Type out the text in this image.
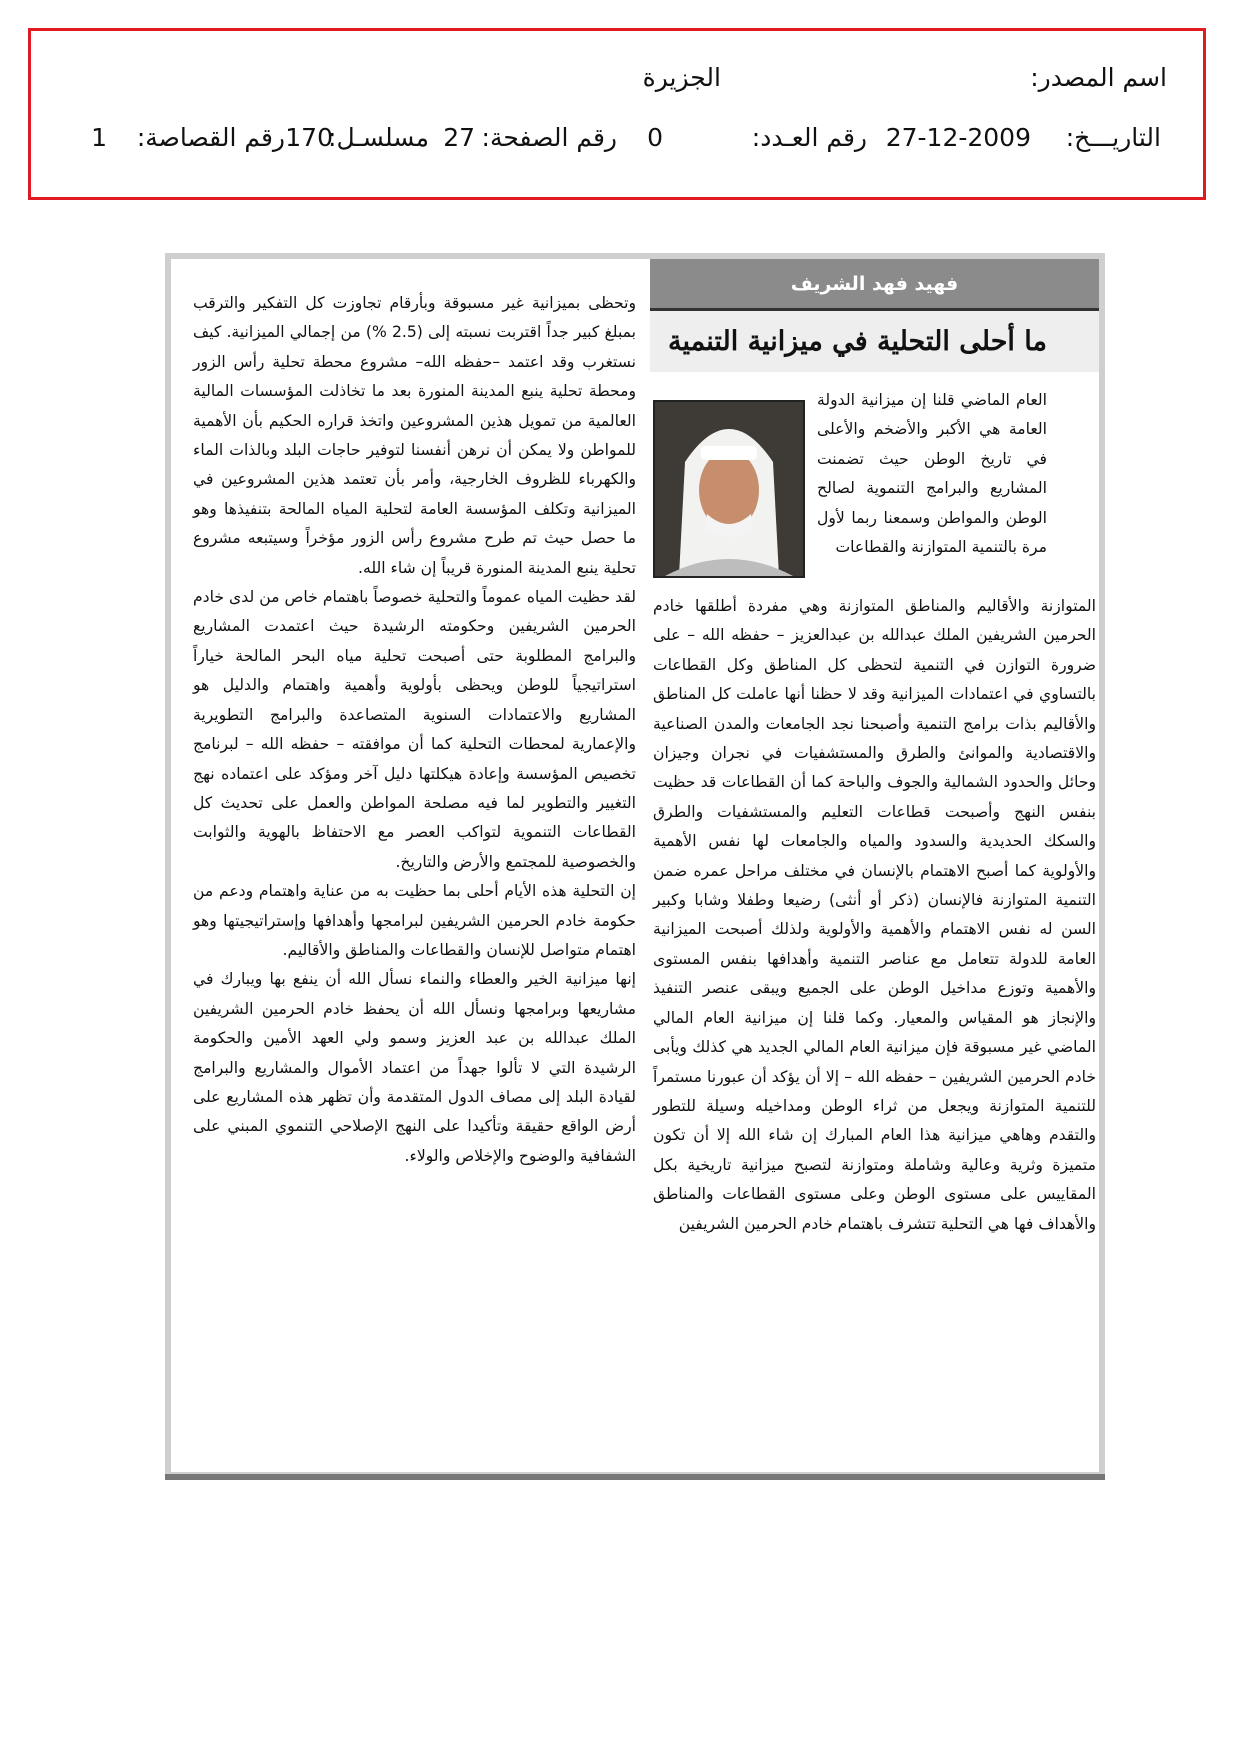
اسم المصدر:
الجزيرة
التاريـــخ:
27-12-2009
رقم العـدد:
0
رقم الصفحة:
27
مسلسـل:
170
رقم القصاصة:
1
فهيد فهد الشريف
ما أحلى التحلية في ميزانية التنمية

العام الماضي قلنا إن ميزانية الدولة العامة هي الأكبر والأضخم والأعلى في تاريخ الوطن حيث تضمنت المشاريع والبرامج التنموية لصالح الوطن والمواطن وسمعنا ربما لأول مرة بالتنمية المتوازنة والقطاعات

المتوازنة والأقاليم والمناطق المتوازنة وهي مفردة أطلقها خادم الحرمين الشريفين الملك عبدالله بن عبدالعزيز – حفظه الله – على ضرورة التوازن في التنمية لتحظى كل المناطق وكل القطاعات بالتساوي في اعتمادات الميزانية وقد لا حظنا أنها عاملت كل المناطق والأقاليم بذات برامج التنمية وأصبحنا نجد الجامعات والمدن الصناعية والاقتصادية والموانئ والطرق والمستشفيات في نجران وجيزان وحائل والحدود الشمالية والجوف والباحة كما أن القطاعات قد حظيت بنفس النهج وأصبحت قطاعات التعليم والمستشفيات والطرق والسكك الحديدية والسدود والمياه والجامعات لها نفس الأهمية والأولوية كما أصبح الاهتمام بالإنسان في مختلف مراحل عمره ضمن التنمية المتوازنة فالإنسان (ذكر أو أنثى) رضيعا وطفلا وشابا وكبير السن له نفس الاهتمام والأهمية والأولوية ولذلك أصبحت الميزانية العامة للدولة تتعامل مع عناصر التنمية وأهدافها بنفس المستوى والأهمية وتوزع مداخيل الوطن على الجميع ويبقى عنصر التنفيذ والإنجاز هو المقياس والمعيار. وكما قلنا إن ميزانية العام المالي الماضي غير مسبوقة فإن ميزانية العام المالي الجديد هي كذلك ويأبى خادم الحرمين الشريفين – حفظه الله – إلا أن يؤكد أن عبورنا مستمراً للتنمية المتوازنة ويجعل من ثراء الوطن ومداخيله وسيلة للتطور والتقدم وهاهي ميزانية هذا العام المبارك إن شاء الله إلا أن تكون متميزة وثرية وعالية وشاملة ومتوازنة لتصبح ميزانية تاريخية بكل المقاييس على مستوى الوطن وعلى مستوى القطاعات والمناطق والأهداف فها هي التحلية تتشرف باهتمام خادم الحرمين الشريفين

وتحظى بميزانية غير مسبوقة وبأرقام تجاوزت كل التفكير والترقب بمبلغ كبير جداً اقتربت نسبته إلى (2.5 %) من إجمالي الميزانية. كيف نستغرب وقد اعتمد –حفظه الله– مشروع محطة تحلية رأس الزور ومحطة تحلية ينبع المدينة المنورة بعد ما تخاذلت المؤسسات المالية العالمية من تمويل هذين المشروعين واتخذ قراره الحكيم بأن الأهمية للمواطن ولا يمكن أن نرهن أنفسنا لتوفير حاجات البلد وبالذات الماء والكهرباء للظروف الخارجية، وأمر بأن تعتمد هذين المشروعين في الميزانية وتكلف المؤسسة العامة لتحلية المياه المالحة بتنفيذها وهو ما حصل حيث تم طرح مشروع رأس الزور مؤخراً وسيتبعه مشروع تحلية ينبع المدينة المنورة قريباً إن شاء الله.

لقد حظيت المياه عموماً والتحلية خصوصاً باهتمام خاص من لدى خادم الحرمين الشريفين وحكومته الرشيدة حيث اعتمدت المشاريع والبرامج المطلوبة حتى أصبحت تحلية مياه البحر المالحة خياراً استراتيجياً للوطن ويحظى بأولوية وأهمية واهتمام والدليل هو المشاريع والاعتمادات السنوية المتصاعدة والبرامج التطويرية والإعمارية لمحطات التحلية كما أن موافقته – حفظه الله – لبرنامج تخصيص المؤسسة وإعادة هيكلتها دليل آخر ومؤكد على اعتماده نهج التغيير والتطوير لما فيه مصلحة المواطن والعمل على تحديث كل القطاعات التنموية لتواكب العصر مع الاحتفاظ بالهوية والثوابت والخصوصية للمجتمع والأرض والتاريخ.

إن التحلية هذه الأيام أحلى بما حظيت به من عناية واهتمام ودعم من حكومة خادم الحرمين الشريفين لبرامجها وأهدافها وإستراتيجيتها وهو اهتمام متواصل للإنسان والقطاعات والمناطق والأقاليم.

إنها ميزانية الخير والعطاء والنماء نسأل الله أن ينفع بها ويبارك في مشاريعها وبرامجها ونسأل الله أن يحفظ خادم الحرمين الشريفين الملك عبدالله بن عبد العزيز وسمو ولي العهد الأمين والحكومة الرشيدة التي لا تألوا جهداً من اعتماد الأموال والمشاريع والبرامج لقيادة البلد إلى مصاف الدول المتقدمة وأن تظهر هذه المشاريع على أرض الواقع حقيقة وتأكيدا على النهج الإصلاحي التنموي المبني على الشفافية والوضوح والإخلاص والولاء.
